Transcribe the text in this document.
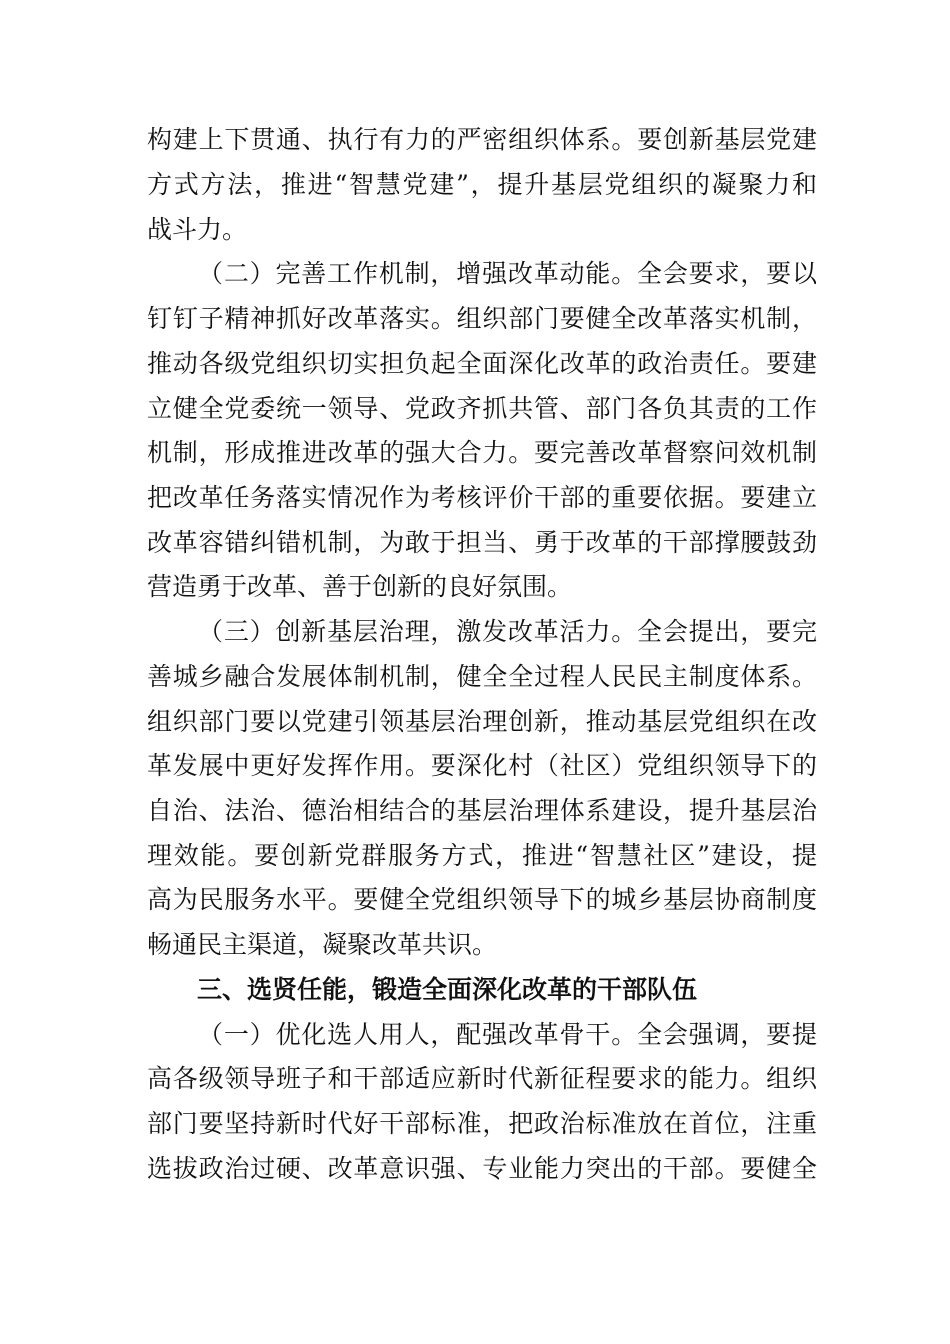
构建上下贯通、执行有力的严密组织体系。要创新基层党建
方式方法，推进“智慧党建”，提升基层党组织的凝聚力和
战斗力。
（二）完善工作机制，增强改革动能。全会要求，要以
钉钉子精神抓好改革落实。组织部门要健全改革落实机制，
推动各级党组织切实担负起全面深化改革的政治责任。要建
立健全党委统一领导、党政齐抓共管、部门各负其责的工作
机制，形成推进改革的强大合力。要完善改革督察问效机制
把改革任务落实情况作为考核评价干部的重要依据。要建立
改革容错纠错机制，为敢于担当、勇于改革的干部撑腰鼓劲
营造勇于改革、善于创新的良好氛围。
（三）创新基层治理，激发改革活力。全会提出，要完
善城乡融合发展体制机制，健全全过程人民民主制度体系。
组织部门要以党建引领基层治理创新，推动基层党组织在改
革发展中更好发挥作用。要深化村（社区）党组织领导下的
自治、法治、德治相结合的基层治理体系建设，提升基层治
理效能。要创新党群服务方式，推进“智慧社区”建设，提
高为民服务水平。要健全党组织领导下的城乡基层协商制度
畅通民主渠道，凝聚改革共识。
三、选贤任能，锻造全面深化改革的干部队伍
（一）优化选人用人，配强改革骨干。全会强调，要提
高各级领导班子和干部适应新时代新征程要求的能力。组织
部门要坚持新时代好干部标准，把政治标准放在首位，注重
选拔政治过硬、改革意识强、专业能力突出的干部。要健全
